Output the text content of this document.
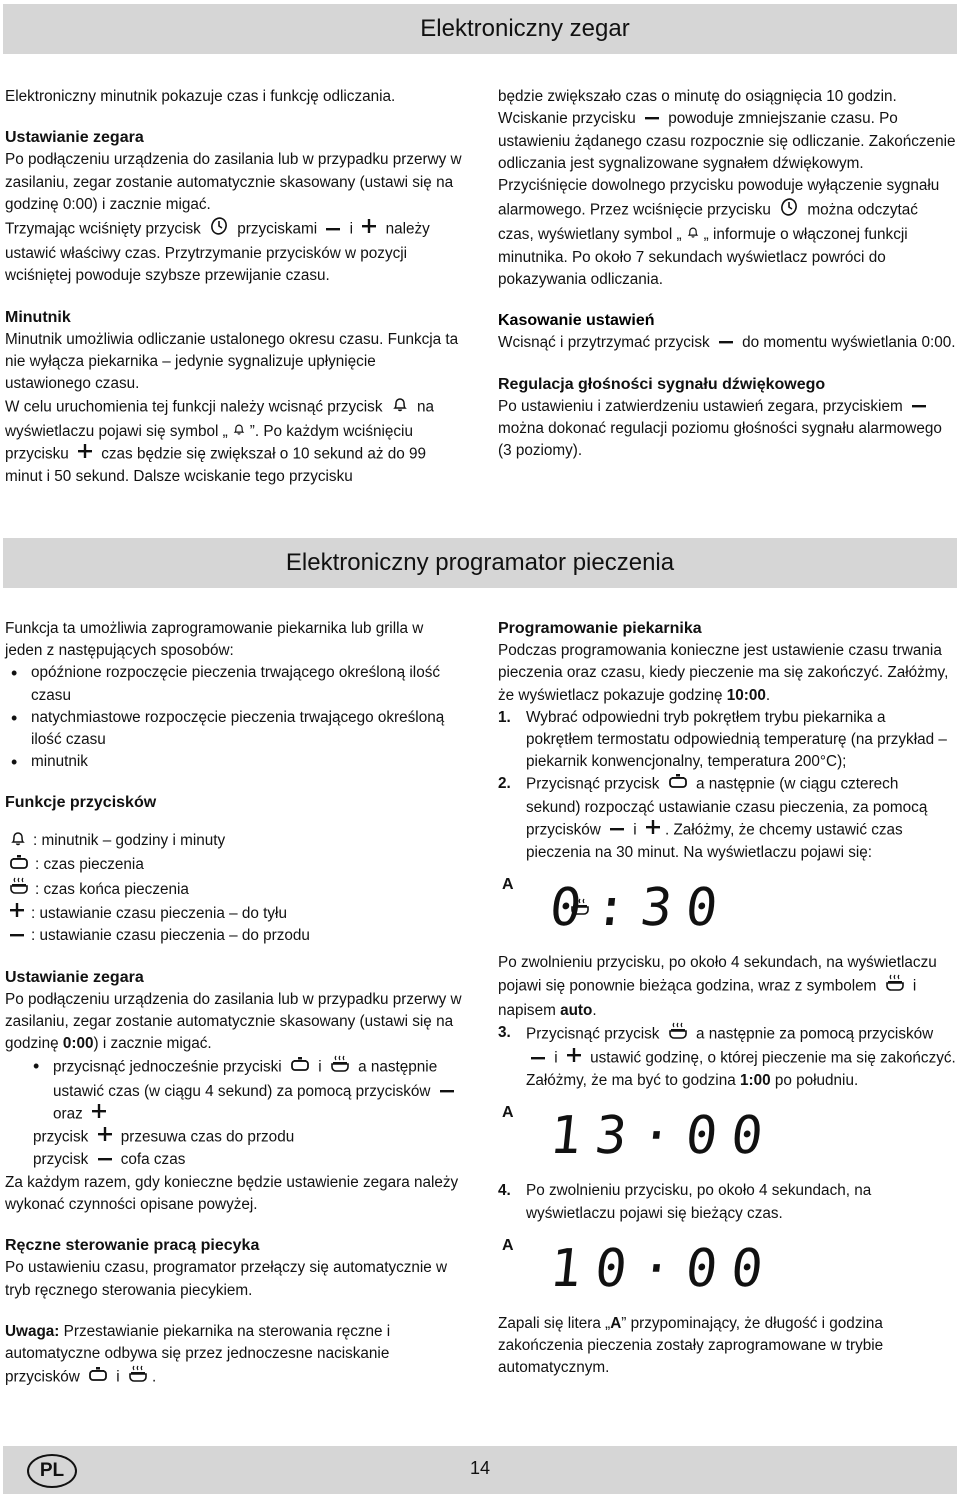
Elektroniczny zegar

Elektroniczny minutnik pokazuje czas i funkcję odliczania.

Ustawianie zegara

Po podłączeniu urządzenia do zasilania lub w przypadku przerwy w zasilaniu, zegar zostanie automatycznie skasowany (ustawi się na godzinę 0:00) i zacznie migać.

Trzymając wciśnięty przycisk przyciskami i należy ustawić właściwy czas. Przytrzymanie przycisków w pozycji wciśniętej powoduje szybsze przewijanie czasu.

Minutnik

Minutnik umożliwia odliczanie ustalonego okresu czasu. Funkcja ta nie wyłącza piekarnika – jedynie sygnalizuje upłynięcie ustawionego czasu.

W celu uruchomienia tej funkcji należy wcisnąć przycisk na wyświetlaczu pojawi się symbol „ ”. Po każdym wciśnięciu przycisku czas będzie się zwiększał o 10 sekund aż do 99 minut i 50 sekund. Dalsze wciskanie tego przycisku

będzie zwiększało czas o minutę do osiągnięcia 10 godzin. Wciskanie przycisku powoduje zmniejszanie czasu. Po ustawieniu żądanego czasu rozpocznie się odliczanie. Zakończenie odliczania jest sygnalizowane sygnałem dźwiękowym. Przyciśnięcie dowolnego przycisku powoduje wyłączenie sygnału alarmowego. Przez wciśnięcie przycisku można odczytać czas, wyświetlany symbol „ „ informuje o włączonej funkcji minutnika. Po około 7 sekundach wyświetlacz powróci do pokazywania odliczania.

Kasowanie ustawień

Wcisnąć i przytrzymać przycisk do momentu wyświetlania 0:00.

Regulacja głośności sygnału dźwiękowego

Po ustawieniu i zatwierdzeniu ustawień zegara, przyciskiem  można dokonać regulacji poziomu głośności sygnału alarmowego (3 poziomy).

Elektroniczny programator pieczenia

Funkcja ta umożliwia zaprogramowanie piekarnika lub grilla w jeden z następujących sposobów:

• opóźnione rozpoczęcie pieczenia trwającego określoną ilość czasu
• natychmiastowe rozpoczęcie pieczenia trwającego określoną ilość czasu
• minutnik

Funkcje przycisków

: minutnik – godziny i minuty
: czas pieczenia
: czas końca pieczenia
: ustawianie czasu pieczenia – do tyłu
: ustawianie czasu pieczenia – do przodu

Ustawianie zegara

Po podłączeniu urządzenia do zasilania lub w przypadku przerwy w zasilaniu, zegar zostanie automatycznie skasowany (ustawi się na godzinę 0:00) i zacznie migać.

• przycisnąć jednocześnie przyciski i a następnie ustawić czas (w ciągu 4 sekund) za pomocą przycisków  oraz

przycisk przesuwa czas do przodu

przycisk cofa czas

Za każdym razem, gdy konieczne będzie ustawienie zegara należy wykonać czynności opisane powyżej.

Ręczne sterowanie pracą piecyka

Po ustawieniu czasu, programator przełączy się automatycznie w tryb ręcznego sterowania piecykiem.

Uwaga: Przestawianie piekarnika na sterowania ręczne i automatyczne odbywa się przez jednoczesne naciskanie przycisków i .

Programowanie piekarnika

Podczas programowania konieczne jest ustawienie czasu trwania pieczenia oraz czasu, kiedy pieczenie ma się zakończyć. Załóżmy, że wyświetlacz pokazuje godzinę 10:00.

1. Wybrać odpowiedni tryb pokrętłem trybu piekarnika a pokrętłem termostatu odpowiednią temperaturę (na przykład – piekarnik konwencjonalny, temperatura 200°C);
2. Przycisnąć przycisk a następnie (w ciągu czterech sekund) rozpocząć ustawianie czasu pieczenia, za pomocą przycisków i . Załóżmy, że chcemy ustawić czas pieczenia na 30 minut. Na wyświetlaczu pojawi się:
A 0:30

Po zwolnieniu przycisku, po około 4 sekundach, na wyświetlaczu pojawi się ponownie bieżąca godzina, wraz z symbolem i napisem auto.

3. Przycisnąć przycisk a następnie za pomocą przycisków  i ustawić godzinę, o której pieczenie ma się zakończyć. Załóżmy, że ma być to godzina 1:00 po południu.
A 13·00
4. Po zwolnieniu przycisku, po około 4 sekundach, na wyświetlaczu pojawi się bieżący czas.
A 10·00

Zapali się litera „A” przypominający, że długość i godzina zakończenia pieczenia zostały zaprogramowane w trybie automatycznym.

PL	14
